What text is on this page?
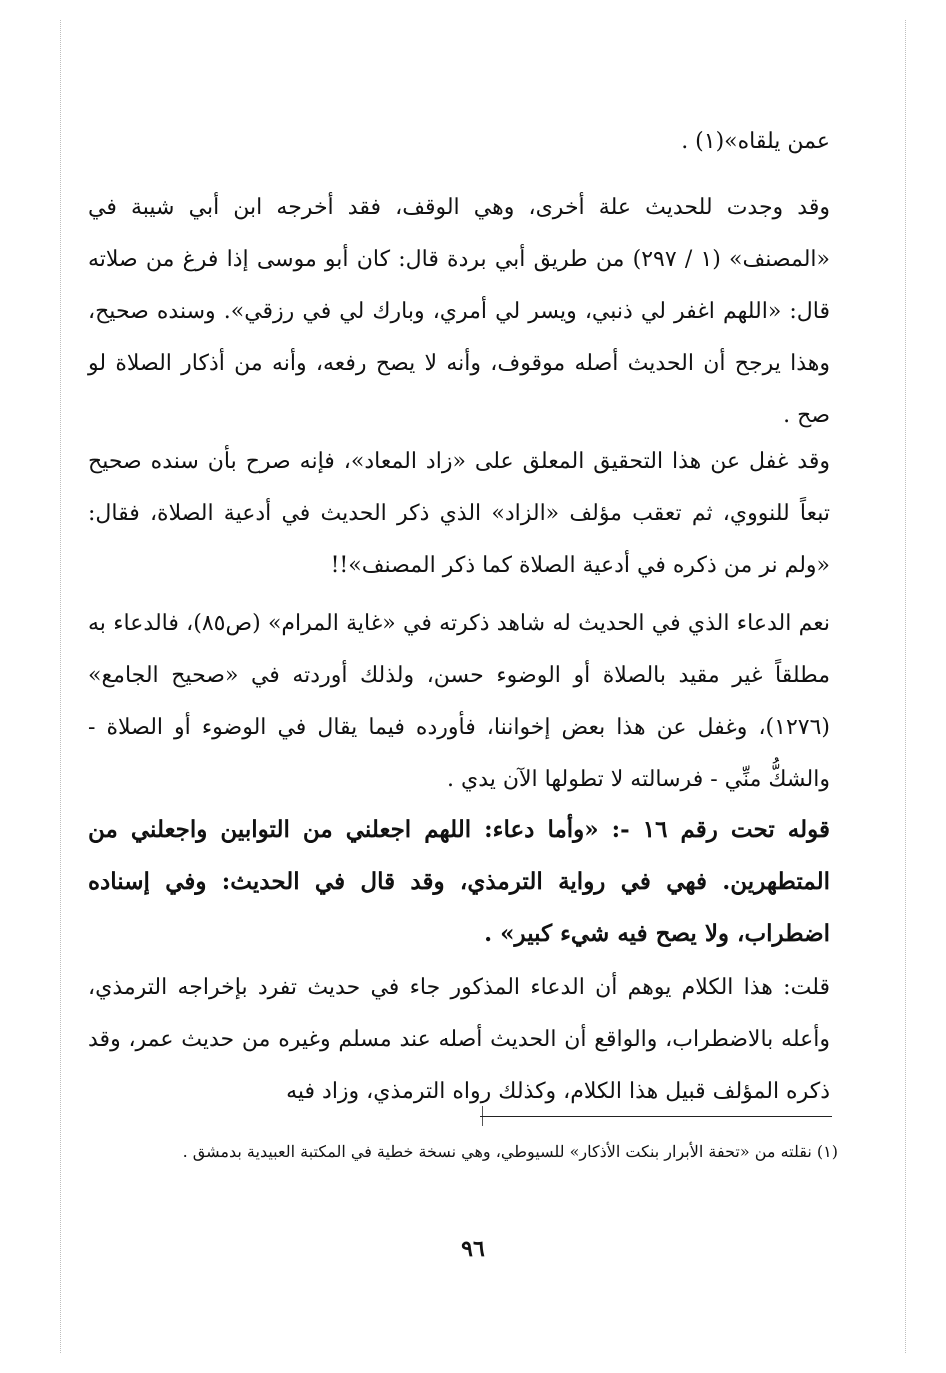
عمن يلقاه»(١) .

وقد وجدت للحديث علة أخرى، وهي الوقف، فقد أخرجه ابن أبي شيبة في «المصنف» (١ / ٢٩٧) من طريق أبي بردة قال: كان أبو موسى إذا فرغ من صلاته قال: «اللهم اغفر لي ذنبي، ويسر لي أمري، وبارك لي في رزقي». وسنده صحيح، وهذا يرجح أن الحديث أصله موقوف، وأنه لا يصح رفعه، وأنه من أذكار الصلاة لو صح .

وقد غفل عن هذا التحقيق المعلق على «زاد المعاد»، فإنه صرح بأن سنده صحيح تبعاً للنووي، ثم تعقب مؤلف «الزاد» الذي ذكر الحديث في أدعية الصلاة، فقال: «ولم نر من ذكره في أدعية الصلاة كما ذكر المصنف»!!

نعم الدعاء الذي في الحديث له شاهد ذكرته في «غاية المرام» (ص٨٥)، فالدعاء به مطلقاً غير مقيد بالصلاة أو الوضوء حسن، ولذلك أوردته في «صحيح الجامع» (١٢٧٦)، وغفل عن هذا بعض إخواننا، فأورده فيما يقال في الوضوء أو الصلاة - والشكُّ منِّي - فرسالته لا تطولها الآن يدي .

قوله تحت رقم ١٦ -: «وأما دعاء: اللهم اجعلني من التوابين واجعلني من المتطهرين. فهي في رواية الترمذي، وقد قال في الحديث: وفي إسناده اضطراب، ولا يصح فيه شيء كبير» .

قلت: هذا الكلام يوهم أن الدعاء المذكور جاء في حديث تفرد بإخراجه الترمذي، وأعله بالاضطراب، والواقع أن الحديث أصله عند مسلم وغيره من حديث عمر، وقد ذكره المؤلف قبيل هذا الكلام، وكذلك رواه الترمذي، وزاد فيه

(١) نقلته من «تحفة الأبرار بنكت الأذكار» للسيوطي، وهي نسخة خطية في المكتبة العبيدية بدمشق .

٩٦
